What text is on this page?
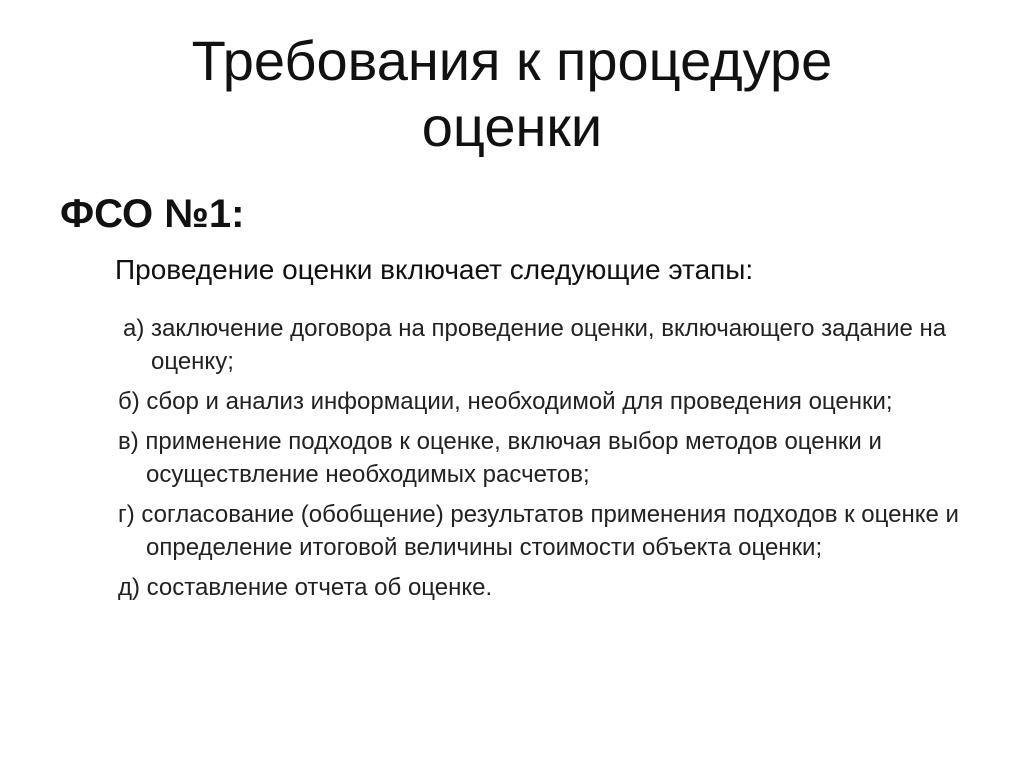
Требования к процедуре
оценки
ФСО №1:

Проведение оценки включает следующие этапы:

а) заключение договора на проведение оценки, включающего задание на оценку;
б) сбор и анализ информации, необходимой для проведения оценки;
в) применение подходов к оценке, включая выбор методов оценки и осуществление необходимых расчетов;
г) согласование (обобщение) результатов применения подходов к оценке и определение итоговой величины стоимости объекта оценки;
д) составление отчета об оценке.
